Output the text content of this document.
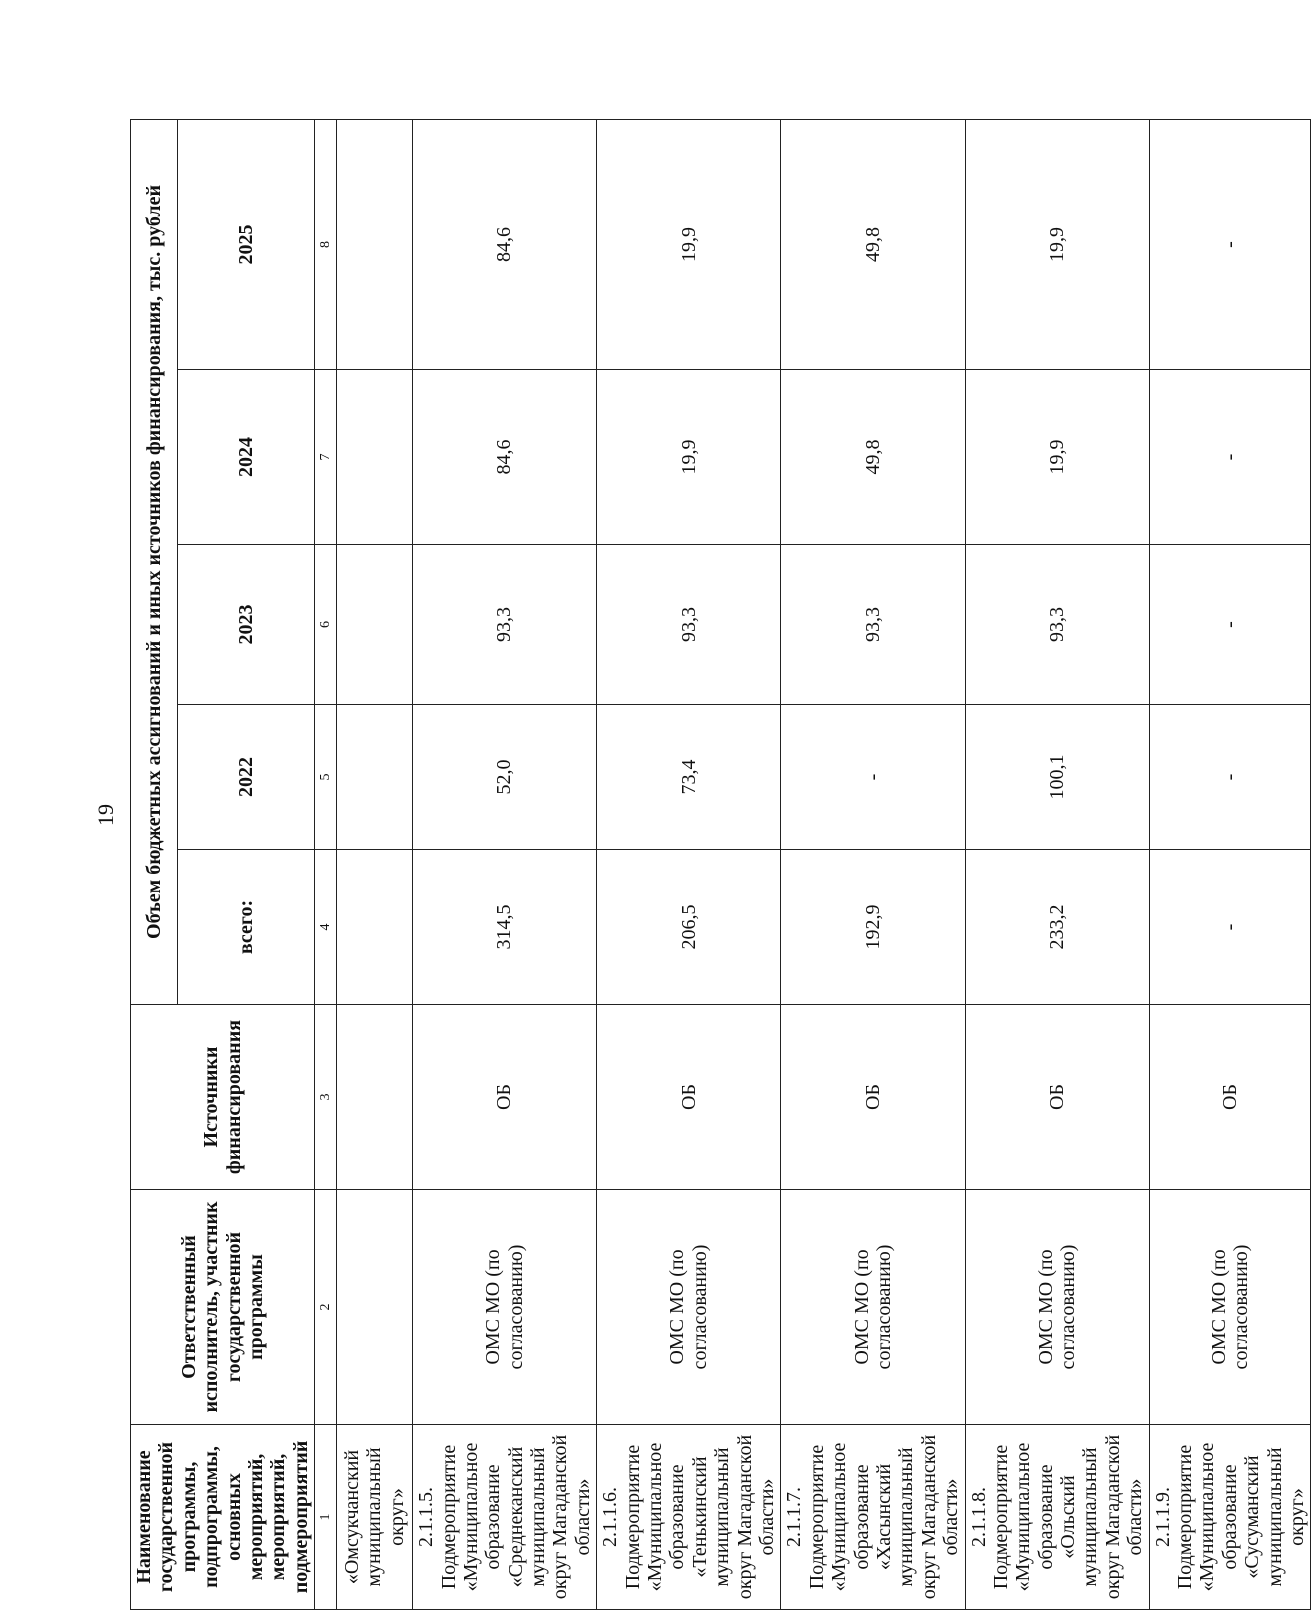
19
Наименование государственной программы, подпрограммы, основных мероприятий, мероприятий, подмероприятий	Ответственный исполнитель, участник государственной программы	Источники финансирования	Объем бюджетных ассигнований и иных источников финансирования, тыс. рублей				
			всего:	2022	2023	2024	2025
1	2	3	4	5	6	7	8
«Омсукчанский муниципальный округ»							
2.1.1.5. Подмероприятие «Муниципальное образование «Среднеканский муниципальный округ Магаданской области»	ОМС МО (по согласованию)	ОБ	314,5	52,0	93,3	84,6	84,6
2.1.1.6. Подмероприятие «Муниципальное образование «Тенькинский муниципальный округ Магаданской области»	ОМС МО (по согласованию)	ОБ	206,5	73,4	93,3	19,9	19,9
2.1.1.7. Подмероприятие «Муниципальное образование «Хасынский муниципальный округ Магаданской области»	ОМС МО (по согласованию)	ОБ	192,9	-	93,3	49,8	49,8
2.1.1.8. Подмероприятие «Муниципальное образование «Ольский муниципальный округ Магаданской области»	ОМС МО (по согласованию)	ОБ	233,2	100,1	93,3	19,9	19,9
2.1.1.9. Подмероприятие «Муниципальное образование «Сусуманский муниципальный округ»	ОМС МО (по согласованию)	ОБ	-	-	-	-	-
